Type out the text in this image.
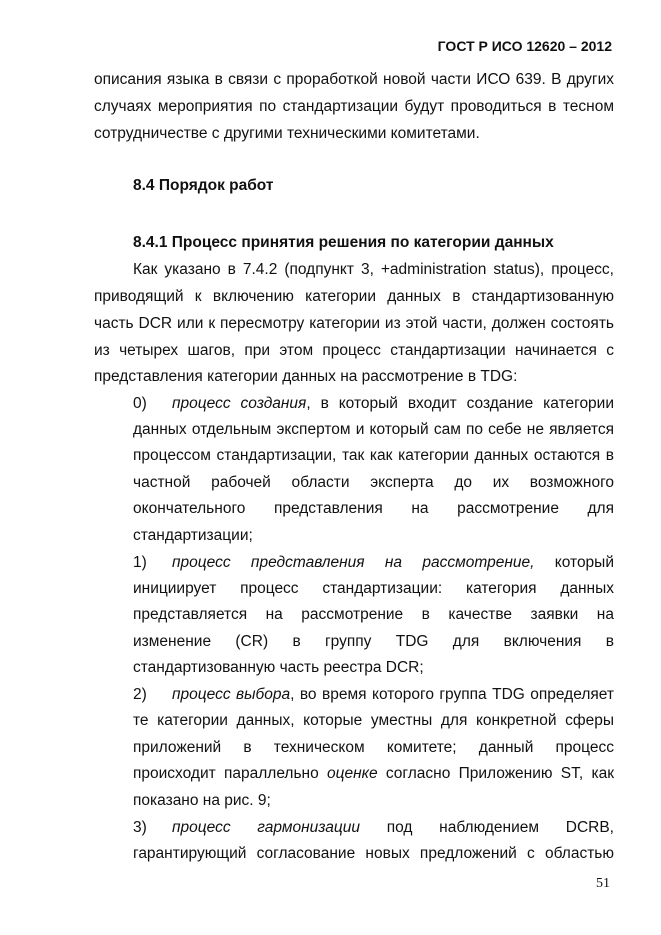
ГОСТ Р ИСО 12620 – 2012
описания языка в связи с проработкой новой части ИСО 639. В других
случаях мероприятия по стандартизации будут проводиться в тесном
сотрудничестве с другими техническими комитетами.
8.4 Порядок работ
8.4.1 Процесс принятия решения по категории данных
Как указано в 7.4.2 (подпункт 3, +administration status), процесс,
приводящий к включению категории данных в стандартизованную
часть DCR или к пересмотру категории из этой части, должен состоять
из четырех шагов, при этом процесс стандартизации начинается с
представления категории данных на рассмотрение в TDG:
0) процесс создания, в который входит создание категории
данных отдельным экспертом и который сам по себе не является
процессом стандартизации, так как категории данных остаются в
частной рабочей области эксперта до их возможного
окончательного представления на рассмотрение для
стандартизации;
1) процесс представления на рассмотрение, который
инициирует процесс стандартизации: категория данных
представляется на рассмотрение в качестве заявки на
изменение (CR) в группу TDG для включения в
стандартизованную часть реестра DCR;
2) процесс выбора, во время которого группа TDG определяет
те категории данных, которые уместны для конкретной сферы
приложений в техническом комитете; данный процесс
происходит параллельно оценке согласно Приложению ST, как
показано на рис. 9;
3) процесс гармонизации под наблюдением DCRB,
гарантирующий согласование новых предложений с областью
51
